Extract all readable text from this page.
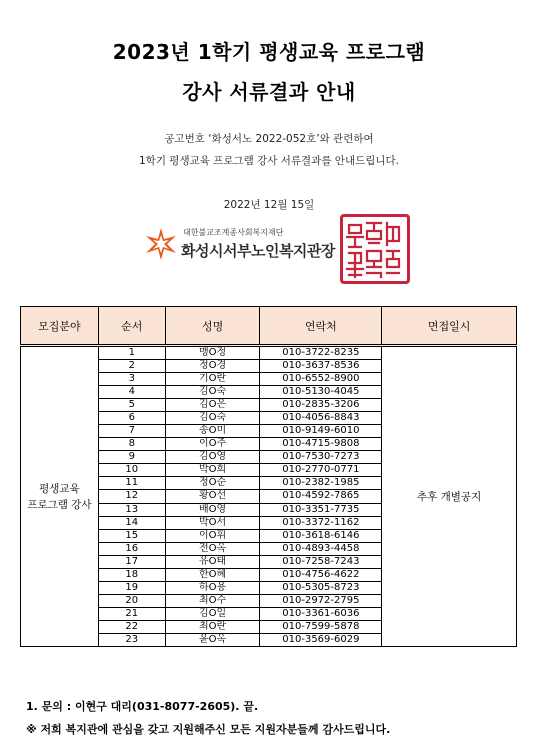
2023년 1학기 평생교육 프로그램
강사 서류결과 안내
공고번호 ‘화성서노 2022-052호’와 관련하여
1학기 평생교육 프로그램 강사 서류결과를 안내드립니다.
2022년 12월 15일
대한불교조계종사회복지재단
화성시서부노인복지관장
모집분야	순서	성명	연락처	면접일시
평생교육
프로그램 강사	1	맹O정	010-3722-8235	추후 개별공지
	2	정O경	010-3637-8536	
	3	기O란	010-6552-8900	
	4	김O숙	010-5130-4045	
	5	김O은	010-2835-3206	
	6	김O숙	010-4056-8843	
	7	송O미	010-9149-6010	
	8	이O주	010-4715-9808	
	9	김O영	010-7530-7273	
	10	박O희	010-2770-0771	
	11	정O순	010-2382-1985	
	12	황O선	010-4592-7865	
	13	배O영	010-3351-7735	
	14	박O서	010-3372-1162	
	15	이O휘	010-3618-6146	
	16	전O옥	010-4893-4458	
	17	유O태	010-7258-7243	
	18	한O혜	010-4756-4622	
	19	하O용	010-5305-8723	
	20	최O수	010-2972-2795	
	21	김O일	010-3361-6036	
	22	최O란	010-7599-5878	
	23	윤O옥	010-3569-6029	
1. 문의 : 이현구 대리(031-8077-2605). 끝.
※ 저희 복지관에 관심을 갖고 지원해주신 모든 지원자분들께 감사드립니다.
